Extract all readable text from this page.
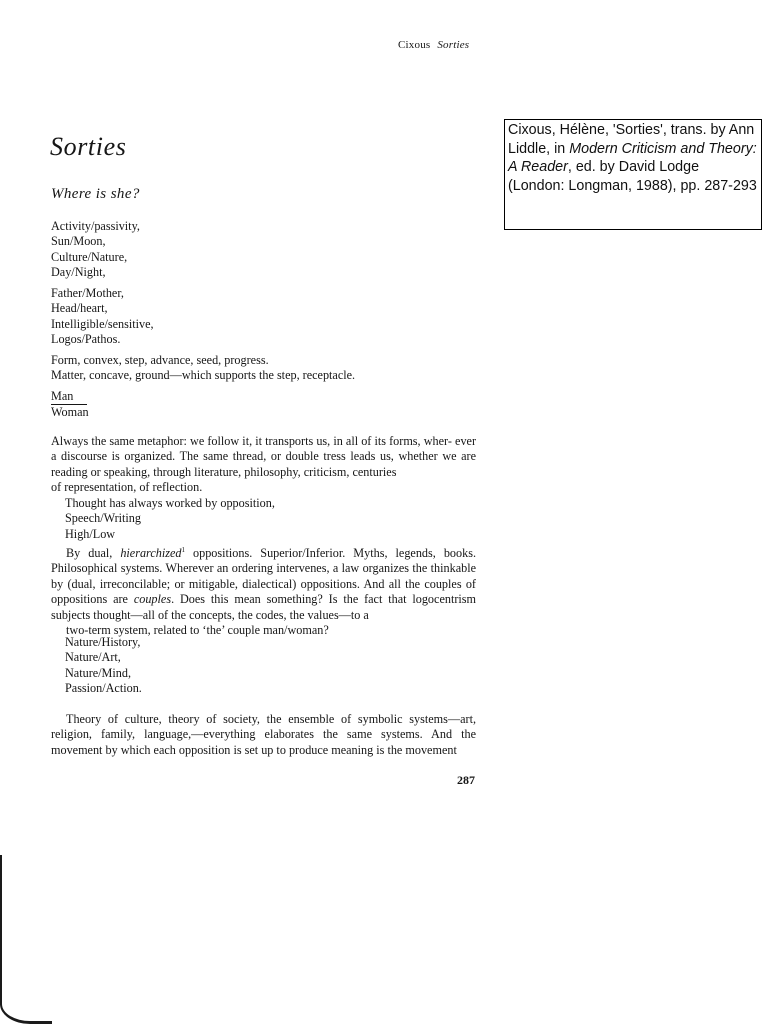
Cixous Sorties
Sorties
Where is she?
Activity/passivity,
Sun/Moon,
Culture/Nature,
Day/Night,
Father/Mother,
Head/heart,
Intelligible/sensitive,
Logos/Pathos.
Form, convex, step, advance, seed, progress.
Matter, concave, ground—which supports the step, receptacle.
Man
Woman
Always the same metaphor: we follow it, it transports us, in all of its forms, wher- ever a discourse is organized. The same thread, or double tress leads us, whether we are reading or speaking, through literature, philosophy, criticism, centuries
of representation, of reflection.
Thought has always worked by opposition,
Speech/Writing
High/Low
By dual, hierarchized$^1$ oppositions. Superior/Inferior. Myths, legends, books. Philosophical systems. Wherever an ordering intervenes, a law organizes the thinkable by (dual, irreconcilable; or mitigable, dialectical) oppositions. And all the couples of oppositions are couples. Does this mean something? Is the fact that logocentrism subjects thought—all of the concepts, the codes, the values—to a
two-term system, related to ‘the’ couple man/woman?
Nature/History,
Nature/Art,
Nature/Mind,
Passion/Action.

Theory of culture, theory of society, the ensemble of symbolic systems—art, religion, family, language,—everything elaborates the same systems. And the movement by which each opposition is set up to produce meaning is the movement

287
Cixous, Hélène, 'Sorties', trans. by Ann Liddle, in Modern Criticism and Theory: A Reader, ed. by David Lodge (London: Longman, 1988), pp. 287-293
